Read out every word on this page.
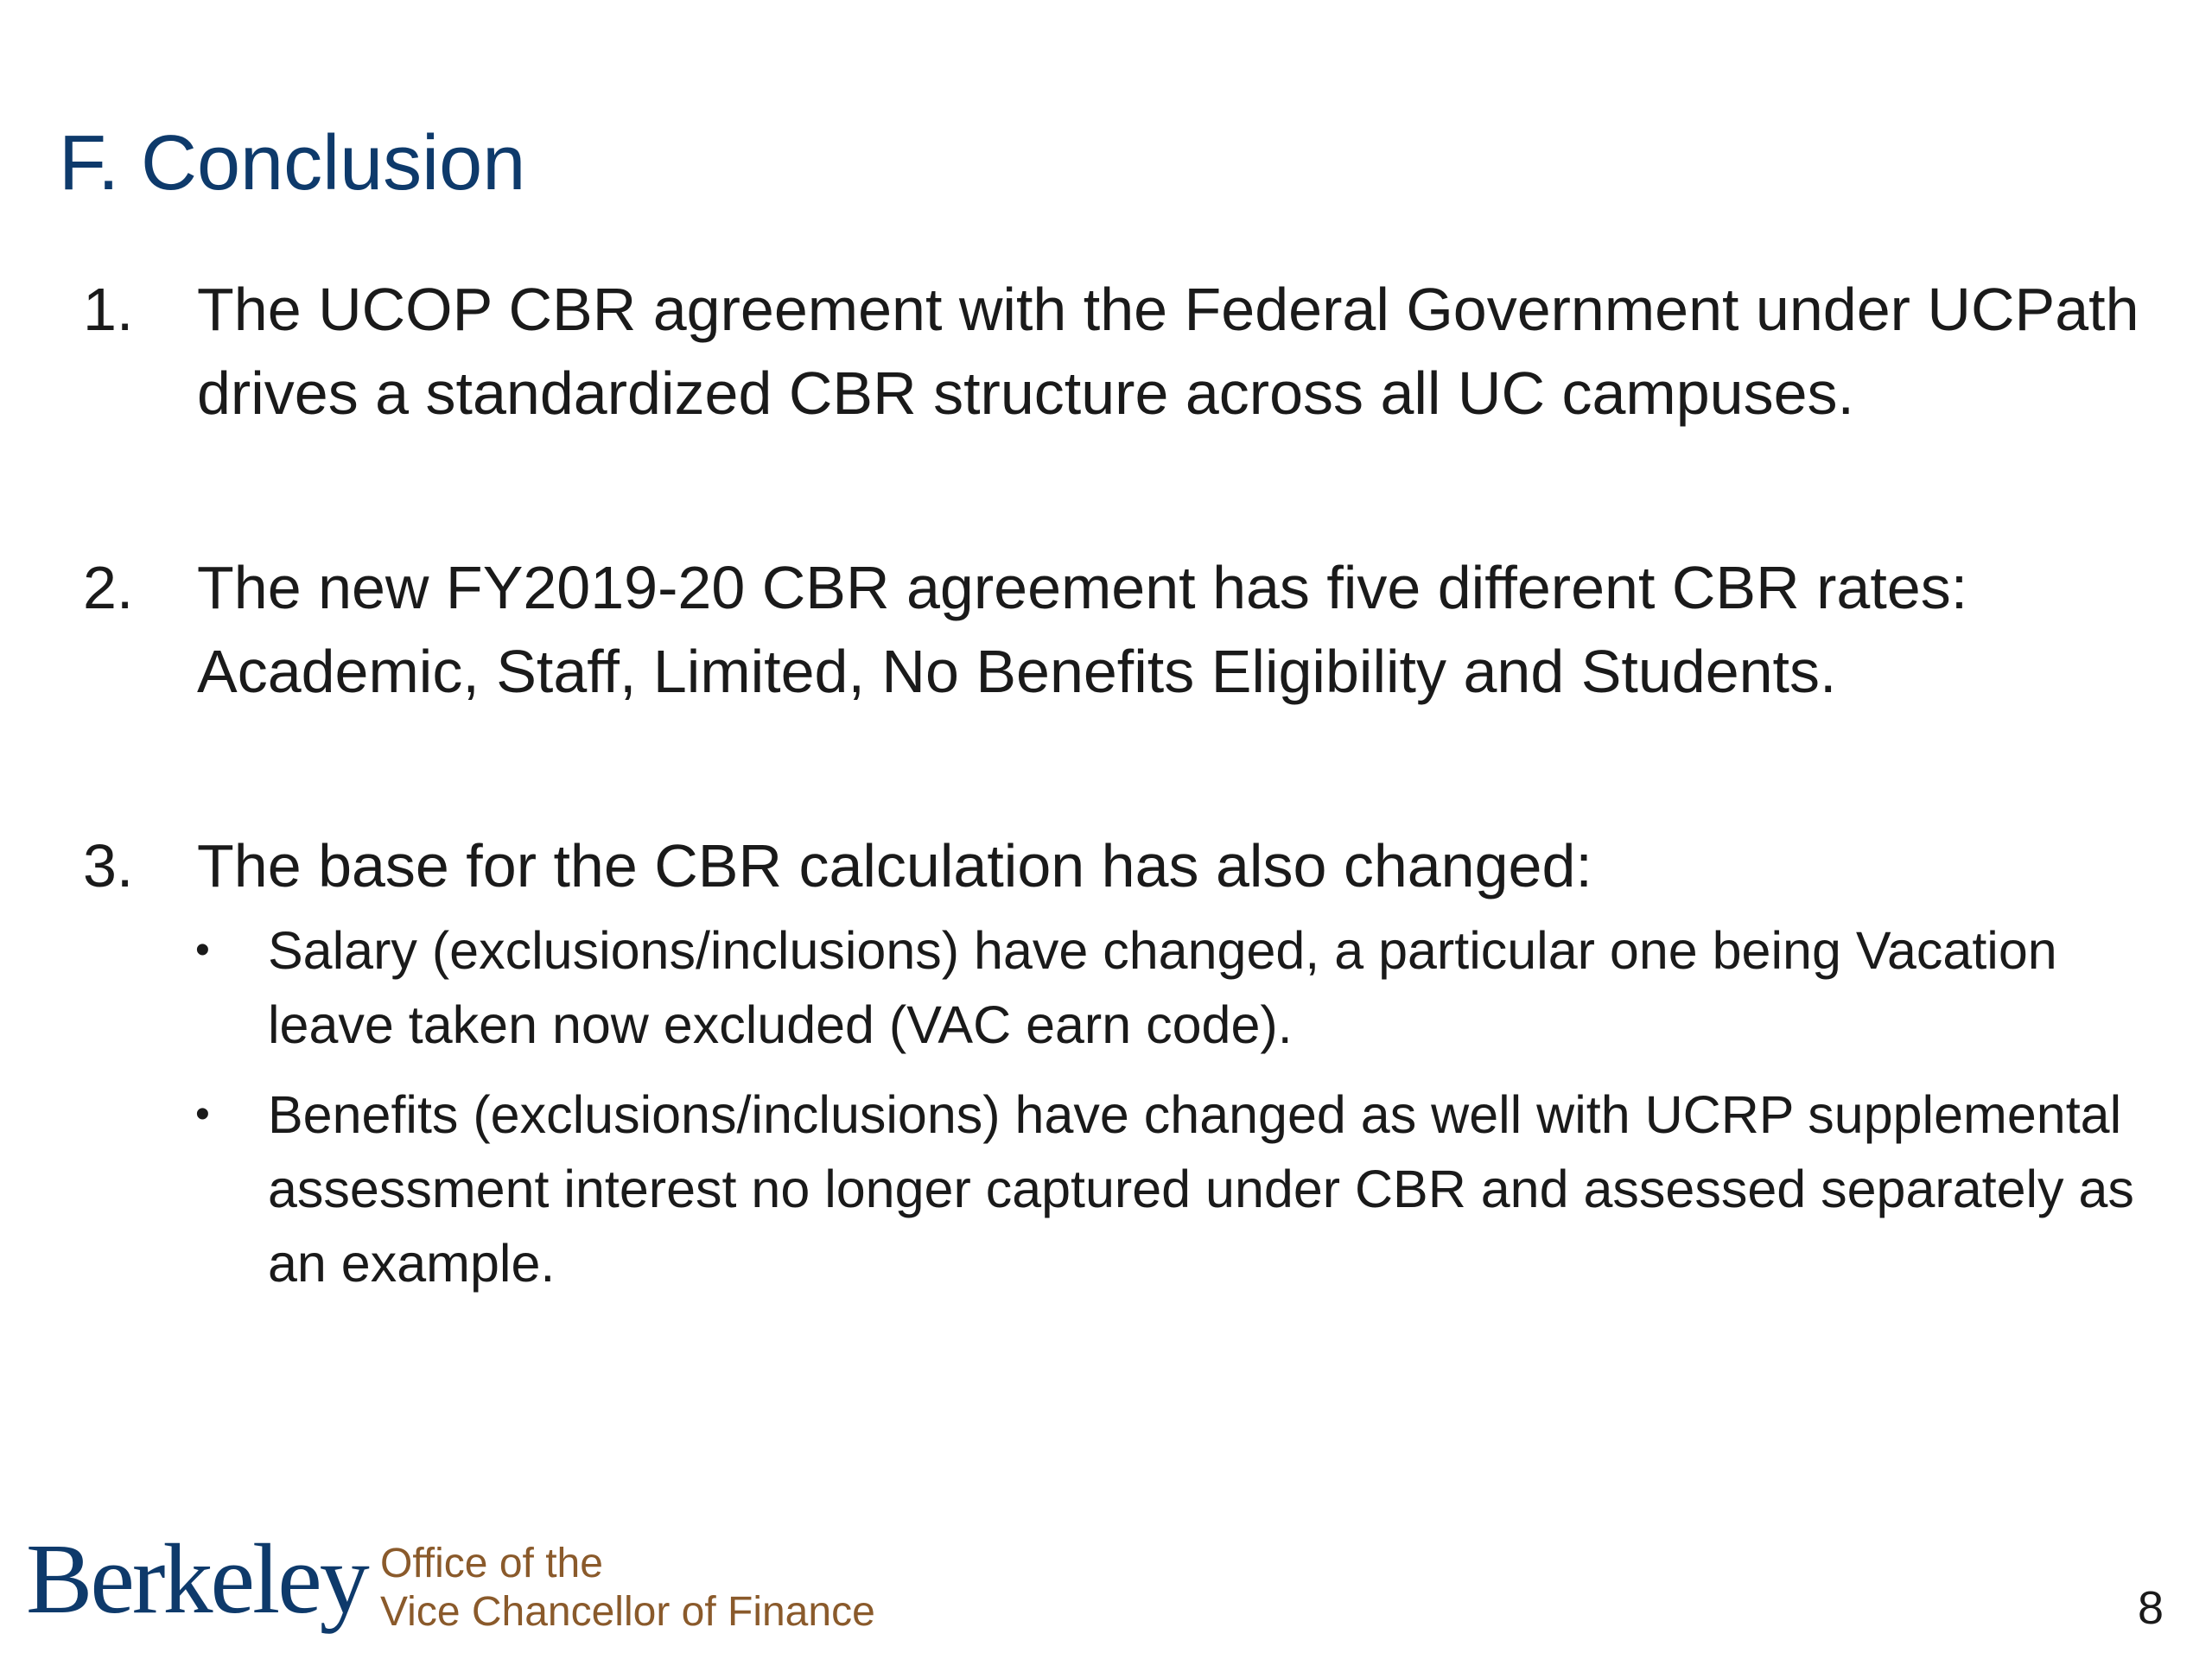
F. Conclusion
1.	The UCOP CBR agreement with the Federal Government under UCPath drives a standardized CBR structure across all UC campuses.
2.	The new FY2019-20 CBR agreement has five different CBR rates: Academic, Staff, Limited, No Benefits Eligibility and Students.
3.	The base for the CBR calculation has also changed:
• Salary (exclusions/inclusions) have changed, a particular one being Vacation leave taken now excluded (VAC earn code).
• Benefits (exclusions/inclusions) have changed as well with UCRP supplemental assessment interest no longer captured under CBR and assessed separately as an example.
Berkeley Office of the
Vice Chancellor of Finance	8
